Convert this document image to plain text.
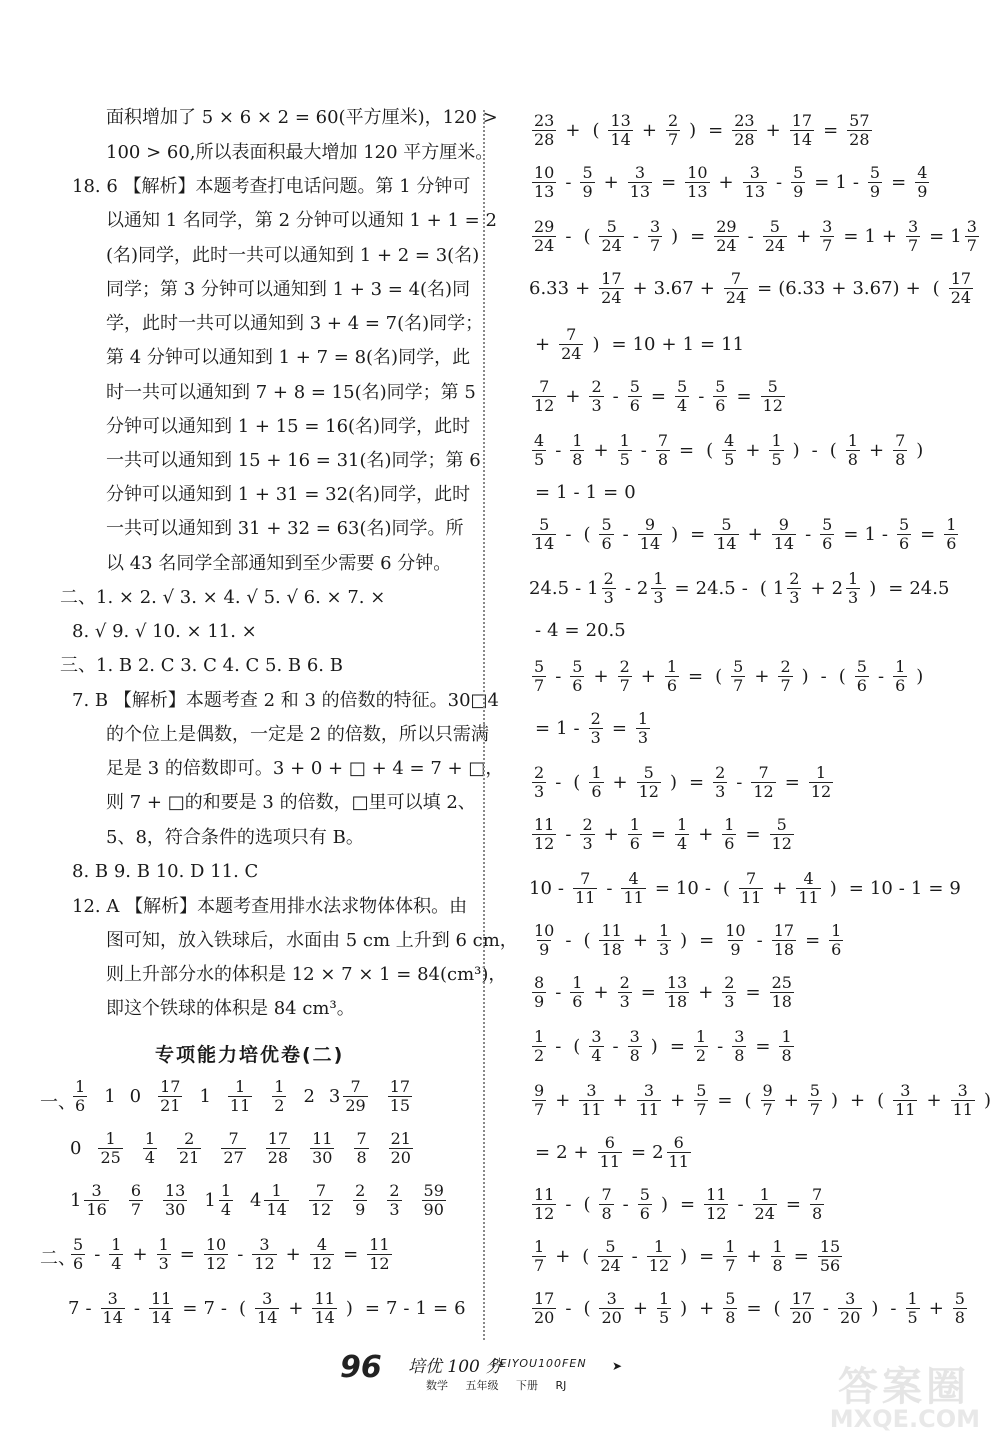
面积增加了 5 × 6 × 2 = 60(平方厘米)，120 >
100 > 60,所以表面积最大增加 120 平方厘米。
18. 6 【解析】本题考查打电话问题。第 1 分钟可
以通知 1 名同学，第 2 分钟可以通知 1 + 1 = 2
(名)同学，此时一共可以通知到 1 + 2 = 3(名)
同学；第 3 分钟可以通知到 1 + 3 = 4(名)同
学，此时一共可以通知到 3 + 4 = 7(名)同学；
第 4 分钟可以通知到 1 + 7 = 8(名)同学，此
时一共可以通知到 7 + 8 = 15(名)同学；第 5
分钟可以通知到 1 + 15 = 16(名)同学，此时
一共可以通知到 15 + 16 = 31(名)同学；第 6
分钟可以通知到 1 + 31 = 32(名)同学，此时
一共可以通知到 31 + 32 = 63(名)同学。所
以 43 名同学全部通知到至少需要 6 分钟。
二、1. × 2. √ 3. × 4. √ 5. √ 6. × 7. ×
8. √ 9. √ 10. × 11. ×
三、1. B 2. C 3. C 4. C 5. B 6. B
7. B 【解析】本题考查 2 和 3 的倍数的特征。30□4
的个位上是偶数，一定是 2 的倍数，所以只需满
足是 3 的倍数即可。3 + 0 + □ + 4 = 7 + □，
则 7 + □的和要是 3 的倍数，□里可以填 2、
5、8，符合条件的选项只有 B。
8. B 9. B 10. D 11. C
12. A 【解析】本题考查用排水法求物体体积。由
图可知，放入铁球后，水面由 5 cm 上升到 6 cm，
则上升部分水的体积是 12 × 7 × 1 = 84(cm³)，
即这个铁球的体积是 84 cm³。
专项能力培优卷(二)
一、
$\frac{1}{6} 1$ $0 \frac{17}{21} 1 \frac{1}{11} \frac{1}{2} 2$ $3 \frac{7}{29} \frac{17}{15}$
$0 \frac{1}{25} \frac{1}{4} \frac{2}{21} \frac{7}{27} \frac{17}{28} \frac{11}{30} \frac{7}{8} \frac{21}{20}$
$1 \frac{3}{16} \frac{6}{7} \frac{13}{30} 1 \frac{1}{4} 4 \frac{1}{14} \frac{7}{12} \frac{2}{9} \frac{2}{3} \frac{59}{90}$
二、
$\frac{5}{6} - \frac{1}{4} + \frac{1}{3} = \frac{10}{12} - \frac{3}{12} + \frac{4}{12} = \frac{11}{12}$
$7 - \frac{3}{14} - \frac{11}{14} = 7$ - ( $\frac{3}{14} + \frac{11}{14}$ ) = 7 - 1 = 6
$\frac{23}{28}$ + ( $\frac{13}{14} + \frac{2}{7}$ ) = $\frac{23}{28} + \frac{17}{14} = \frac{57}{28}$
$\frac{10}{13} - \frac{5}{9} + \frac{3}{13} = \frac{10}{13} + \frac{3}{13} - \frac{5}{9} = 1 - \frac{5}{9} = \frac{4}{9}$
$\frac{29}{24}$ - ( $\frac{5}{24} - \frac{3}{7}$ ) = $\frac{29}{24} - \frac{5}{24} + \frac{3}{7} = 1 + \frac{3}{7} = 1 \frac{3}{7}$
$6.33 + \frac{17}{24} + 3.67 + \frac{7}{24} = (6.33 + 3.67)$ + ( $\frac{17}{24}$
+ $\frac{7}{24}$ ) = 10 + 1 = 11
$\frac{7}{12} + \frac{2}{3} - \frac{5}{6} = \frac{5}{4} - \frac{5}{6} = \frac{5}{12}$
$\frac{4}{5} - \frac{1}{8} + \frac{1}{5} - \frac{7}{8}$ = ( $\frac{4}{5} + \frac{1}{5}$ ) - ( $\frac{1}{8} + \frac{7}{8}$ )
= 1 - 1 = 0
$\frac{5}{14}$ - ( $\frac{5}{6} - \frac{9}{14}$ ) = $\frac{5}{14} + \frac{9}{14} - \frac{5}{6} = 1 - \frac{5}{6} = \frac{1}{6}$
$24.5 - 1 \frac{2}{3} - 2 \frac{1}{3} = 24.5$ - ( $1 \frac{2}{3} + 2 \frac{1}{3}$ ) = 24.5
- 4 = 20.5
$\frac{5}{7} - \frac{5}{6} + \frac{2}{7} + \frac{1}{6}$ = ( $\frac{5}{7} + \frac{2}{7}$ ) - ( $\frac{5}{6} - \frac{1}{6}$ )
= $1 - \frac{2}{3} = \frac{1}{3}$
$\frac{2}{3}$ - ( $\frac{1}{6} + \frac{5}{12}$ ) = $\frac{2}{3} - \frac{7}{12} = \frac{1}{12}$
$\frac{11}{12} - \frac{2}{3} + \frac{1}{6} = \frac{1}{4} + \frac{1}{6} = \frac{5}{12}$
$10 - \frac{7}{11} - \frac{4}{11} = 10$ - ( $\frac{7}{11} + \frac{4}{11}$ ) = 10 - 1 = 9
$\frac{10}{9}$ - ( $\frac{11}{18} + \frac{1}{3}$ ) = $\frac{10}{9} - \frac{17}{18} = \frac{1}{6}$
$\frac{8}{9} - \frac{1}{6} + \frac{2}{3} = \frac{13}{18} + \frac{2}{3} = \frac{25}{18}$
$\frac{1}{2}$ - ( $\frac{3}{4} - \frac{3}{8}$ ) = $\frac{1}{2} - \frac{3}{8} = \frac{1}{8}$
$\frac{9}{7} + \frac{3}{11} + \frac{3}{11} + \frac{5}{7}$ = ( $\frac{9}{7} + \frac{5}{7}$ ) + ( $\frac{3}{11} + \frac{3}{11}$ )
= $2 + \frac{6}{11} = 2 \frac{6}{11}$
$\frac{11}{12}$ - ( $\frac{7}{8} - \frac{5}{6}$ ) = $\frac{11}{12} - \frac{1}{24} = \frac{7}{8}$
$\frac{1}{7}$ + ( $\frac{5}{24} - \frac{1}{12}$ ) = $\frac{1}{7} + \frac{1}{8} = \frac{15}{56}$
$\frac{17}{20}$ - ( $\frac{3}{20} + \frac{1}{5}$ ) + $\frac{5}{8}$ = ( $\frac{17}{20} - \frac{3}{20}$ ) - $\frac{1}{5} + \frac{5}{8}$
96 培优 100 分
PEIYOU100FEN
数学 五年级 下册 RJ
➤	答案圈
MXQE.COM
